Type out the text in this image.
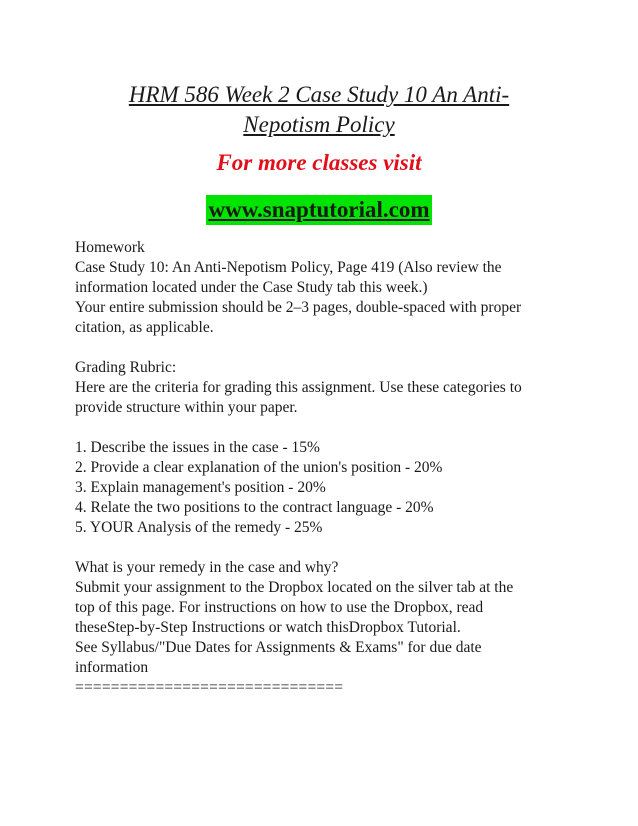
HRM 586 Week 2 Case Study 10 An Anti-
Nepotism Policy
For more classes visit
www.snaptutorial.com

Homework

Case Study 10: An Anti-Nepotism Policy, Page 419 (Also review the

information located under the Case Study tab this week.)

Your entire submission should be 2–3 pages, double-spaced with proper

citation, as applicable.

Grading Rubric:

Here are the criteria for grading this assignment. Use these categories to

provide structure within your paper.

1. Describe the issues in the case - 15%

2. Provide a clear explanation of the union's position - 20%

3. Explain management's position - 20%

4. Relate the two positions to the contract language - 20%

5. YOUR Analysis of the remedy - 25%

What is your remedy in the case and why?

Submit your assignment to the Dropbox located on the silver tab at the

top of this page. For instructions on how to use the Dropbox, read

theseStep-by-Step Instructions or watch thisDropbox Tutorial.

See Syllabus/"Due Dates for Assignments & Exams" for due date

information

==============================
